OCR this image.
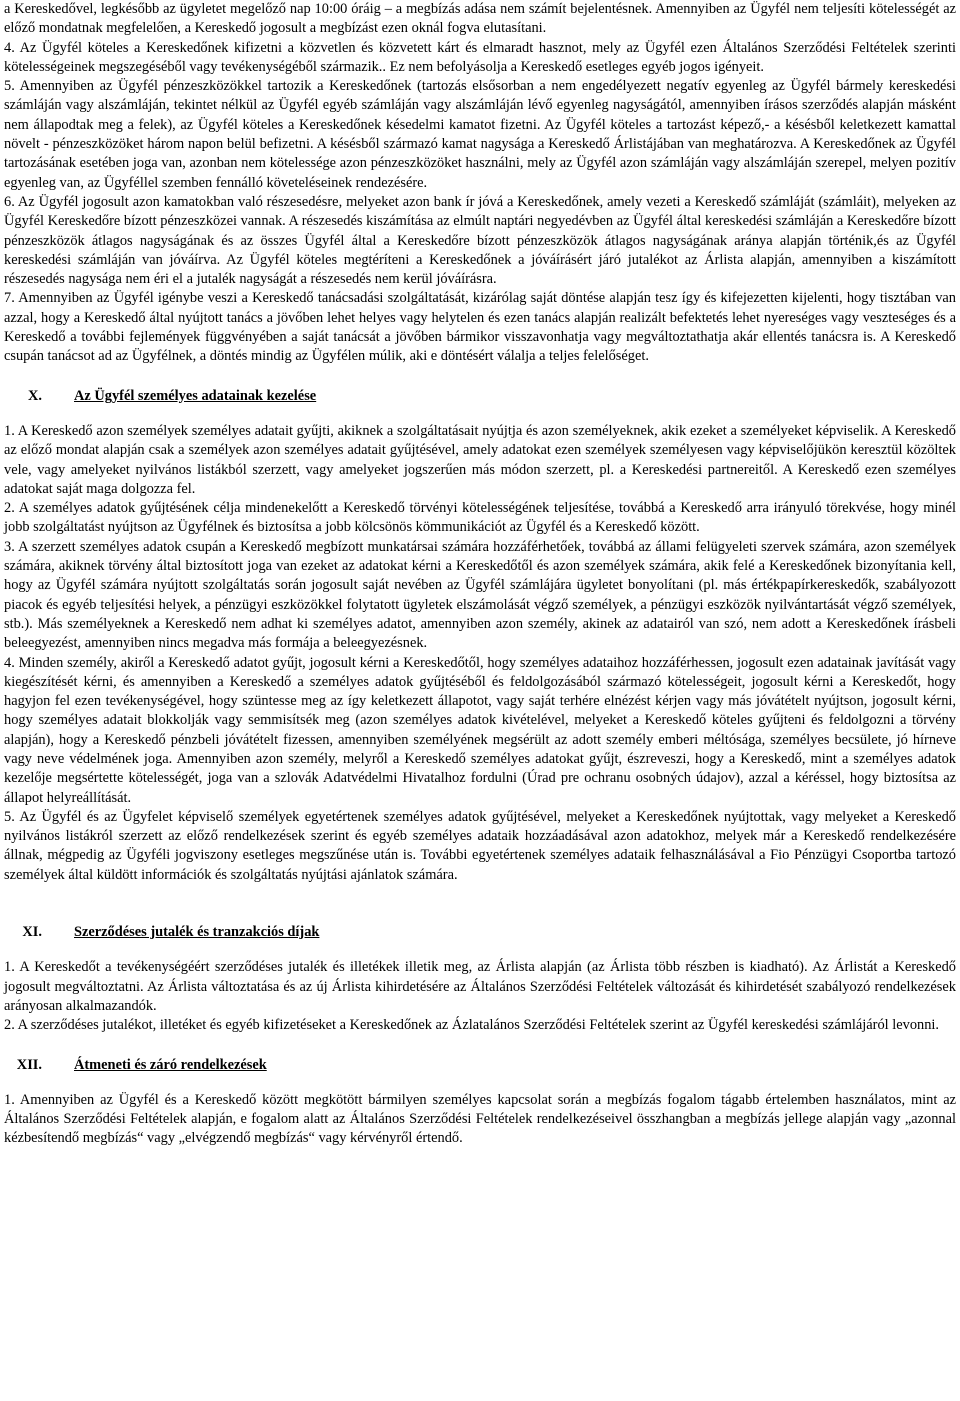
a Kereskedővel, legkésőbb az ügyletet megelőző nap 10:00 óráig – a megbízás adása nem számít bejelentésnek. Amennyiben az Ügyfél nem teljesíti kötelességét az előző mondatnak megfelelően, a Kereskedő jogosult a megbízást ezen oknál fogva elutasítani.

4. Az Ügyfél köteles a Kereskedőnek kifizetni a közvetlen és közvetett kárt és elmaradt hasznot, mely az Ügyfél ezen Általános Szerződési Feltételek szerinti kötelességeinek megszegéséből vagy tevékenységéből származik.. Ez nem befolyásolja a Kereskedő esetleges egyéb jogos igényeit.

5. Amennyiben az Ügyfél pénzeszközökkel tartozik a Kereskedőnek (tartozás elsősorban a nem engedélyezett negatív egyenleg az Ügyfél bármely kereskedési számláján vagy alszámláján, tekintet nélkül az Ügyfél egyéb számláján vagy alszámláján lévő egyenleg nagyságától, amennyiben írásos szerződés alapján másként nem állapodtak meg a felek), az Ügyfél köteles a Kereskedőnek késedelmi kamatot fizetni. Az Ügyfél köteles a tartozást képező,- a késésből keletkezett kamattal növelt - pénzeszközöket három napon belül befizetni. A késésből származó kamat nagysága a Kereskedő Árlistájában van meghatározva. A Kereskedőnek az Ügyfél tartozásának esetében joga van, azonban nem kötelessége azon pénzeszközöket használni, mely az Ügyfél azon számláján vagy alszámláján szerepel, melyen pozitív egyenleg van, az Ügyféllel szemben fennálló követeléseinek rendezésére.

6. Az Ügyfél jogosult azon kamatokban való részesedésre, melyeket azon bank ír jóvá a Kereskedőnek, amely vezeti a Kereskedő számláját (számláit), melyeken az Ügyfél Kereskedőre bízott pénzeszközei vannak. A részesedés kiszámítása az elmúlt naptári negyedévben az Ügyfél által kereskedési számláján a Kereskedőre bízott pénzeszközök átlagos nagyságának és az összes Ügyfél által a Kereskedőre bízott pénzeszközök átlagos nagyságának aránya alapján történik,és az Ügyfél kereskedési számláján van jóváírva. Az Ügyfél köteles megtéríteni a Kereskedőnek a jóváírásért járó jutalékot az Árlista alapján, amennyiben a kiszámított részesedés nagysága nem éri el a jutalék nagyságát a részesedés nem kerül jóváírásra.

7. Amennyiben az Ügyfél igénybe veszi a Kereskedő tanácsadási szolgáltatását, kizárólag saját döntése alapján tesz így és kifejezetten kijelenti, hogy tisztában van azzal, hogy a Kereskedő által nyújtott tanács a jövőben lehet helyes vagy helytelen és ezen tanács alapján realizált befektetés lehet nyereséges vagy veszteséges és a Kereskedő a további fejlemények függvényében a saját tanácsát a jövőben bármikor visszavonhatja vagy megváltoztathatja akár ellentés tanácsra is. A Kereskedő csupán tanácsot ad az Ügyfélnek, a döntés mindig az Ügyfélen múlik, aki e döntésért válalja a teljes felelőséget.

X.	Az Ügyfél személyes adatainak kezelése

1. A Kereskedő azon személyek személyes adatait gyűjti, akiknek a szolgáltatásait nyújtja és azon személyeknek, akik ezeket a személyeket képviselik. A Kereskedő az előző mondat alapján csak a személyek azon személyes adatait gyűjtésével, amely adatokat ezen személyek személyesen vagy képviselőjükön keresztül közöltek vele, vagy amelyeket nyilvános listákból szerzett, vagy amelyeket jogszerűen más módon szerzett, pl. a Kereskedési partnereitől. A Kereskedő ezen személyes adatokat saját maga dolgozza fel.

2. A személyes adatok gyűjtésének célja mindenekelőtt a Kereskedő törvényi kötelességének teljesítése, továbbá a Kereskedő arra irányuló törekvése, hogy minél jobb szolgáltatást nyújtson az Ügyfélnek és biztosítsa a jobb kölcsönös kömmunikációt az Ügyfél és a Kereskedő között.

3. A szerzett személyes adatok csupán a Kereskedő megbízott munkatársai számára hozzáférhetőek, továbbá az állami felügyeleti szervek számára, azon személyek számára, akiknek törvény által biztosított joga van ezeket az adatokat kérni a Kereskedőtől és azon személyek számára, akik felé a Kereskedőnek bizonyítania kell, hogy az Ügyfél számára nyújtott szolgáltatás során jogosult saját nevében az Ügyfél számlájára ügyletet bonyolítani (pl. más értékpapírkereskedők, szabályozott piacok és egyéb teljesítési helyek, a pénzügyi eszközökkel folytatott ügyletek elszámolását végző személyek, a pénzügyi eszközök nyilvántartását végző személyek, stb.). Más személyeknek a Kereskedő nem adhat ki személyes adatot, amennyiben azon személy, akinek az adatairól van szó, nem adott a Kereskedőnek írásbeli beleegyezést, amennyiben nincs megadva más formája a beleegyezésnek.

4. Minden személy, akiről a Kereskedő adatot gyűjt, jogosult kérni a Kereskedőtől, hogy személyes adataihoz hozzáférhessen, jogosult ezen adatainak javítását vagy kiegészítését kérni, és amennyiben a Kereskedő a személyes adatok gyűjtéséből és feldolgozásából származó kötelességeit, jogosult kérni a Kereskedőt, hogy hagyjon fel ezen tevékenységével, hogy szüntesse meg az így keletkezett állapotot, vagy saját terhére elnézést kérjen vagy más jóvátételt nyújtson, jogosult kérni, hogy személyes adatait blokkolják vagy semmisítsék meg (azon személyes adatok kivételével, melyeket a Kereskedő köteles gyűjteni és feldolgozni a törvény alapján), hogy a Kereskedő pénzbeli jóvátételt fizessen, amennyiben személyének megsérült az adott személy emberi méltósága, személyes becsülete, jó hírneve vagy neve védelmének joga. Amennyiben azon személy, melyről a Kereskedő személyes adatokat gyűjt, észreveszi, hogy a Kereskedő, mint a személyes adatok kezelője megsértette kötelességét, joga van a szlovák Adatvédelmi Hivatalhoz fordulni (Úrad pre ochranu osobných údajov), azzal a kéréssel, hogy biztosítsa az állapot helyreállítását.

5. Az Ügyfél és az Ügyfelet képviselő személyek egyetértenek személyes adatok gyűjtésével, melyeket a Kereskedőnek nyújtottak, vagy melyeket a Kereskedő nyilvános listákról szerzett az előző rendelkezések szerint és egyéb személyes adataik hozzáadásával azon adatokhoz, melyek már a Kereskedő rendelkezésére állnak, mégpedig az Ügyféli jogviszony esetleges megszűnése után is. További egyetértenek személyes adataik felhasználásával a Fio Pénzügyi Csoportba tartozó személyek által küldött információk és szolgáltatás nyújtási ajánlatok számára.

XI.	Szerződéses jutalék és tranzakciós díjak

1. A Kereskedőt a tevékenységéért szerződéses jutalék és illetékek illetik meg, az Árlista alapján (az Árlista több részben is kiadható). Az Árlistát a Kereskedő jogosult megváltoztatni. Az Árlista változtatása és az új Árlista kihirdetésére az Általános Szerződési Feltételek változását és kihirdetését szabályozó rendelkezések arányosan alkalmazandók.

2. A szerződéses jutalékot, illetéket és egyéb kifizetéseket a Kereskedőnek az Ázlatalános Szerződési Feltételek szerint az Ügyfél kereskedési számlájáról levonni.

XII.	Átmeneti és záró rendelkezések

1. Amennyiben az Ügyfél és a Kereskedő között megkötött bármilyen személyes kapcsolat során a megbízás fogalom tágabb értelemben használatos, mint az Általános Szerződési Feltételek alapján, e fogalom alatt az Általános Szerződési Feltételek rendelkezéseivel összhangban a megbízás jellege alapján vagy „azonnal kézbesítendő megbízás“ vagy „elvégzendő megbízás“ vagy kérvényről értendő.
